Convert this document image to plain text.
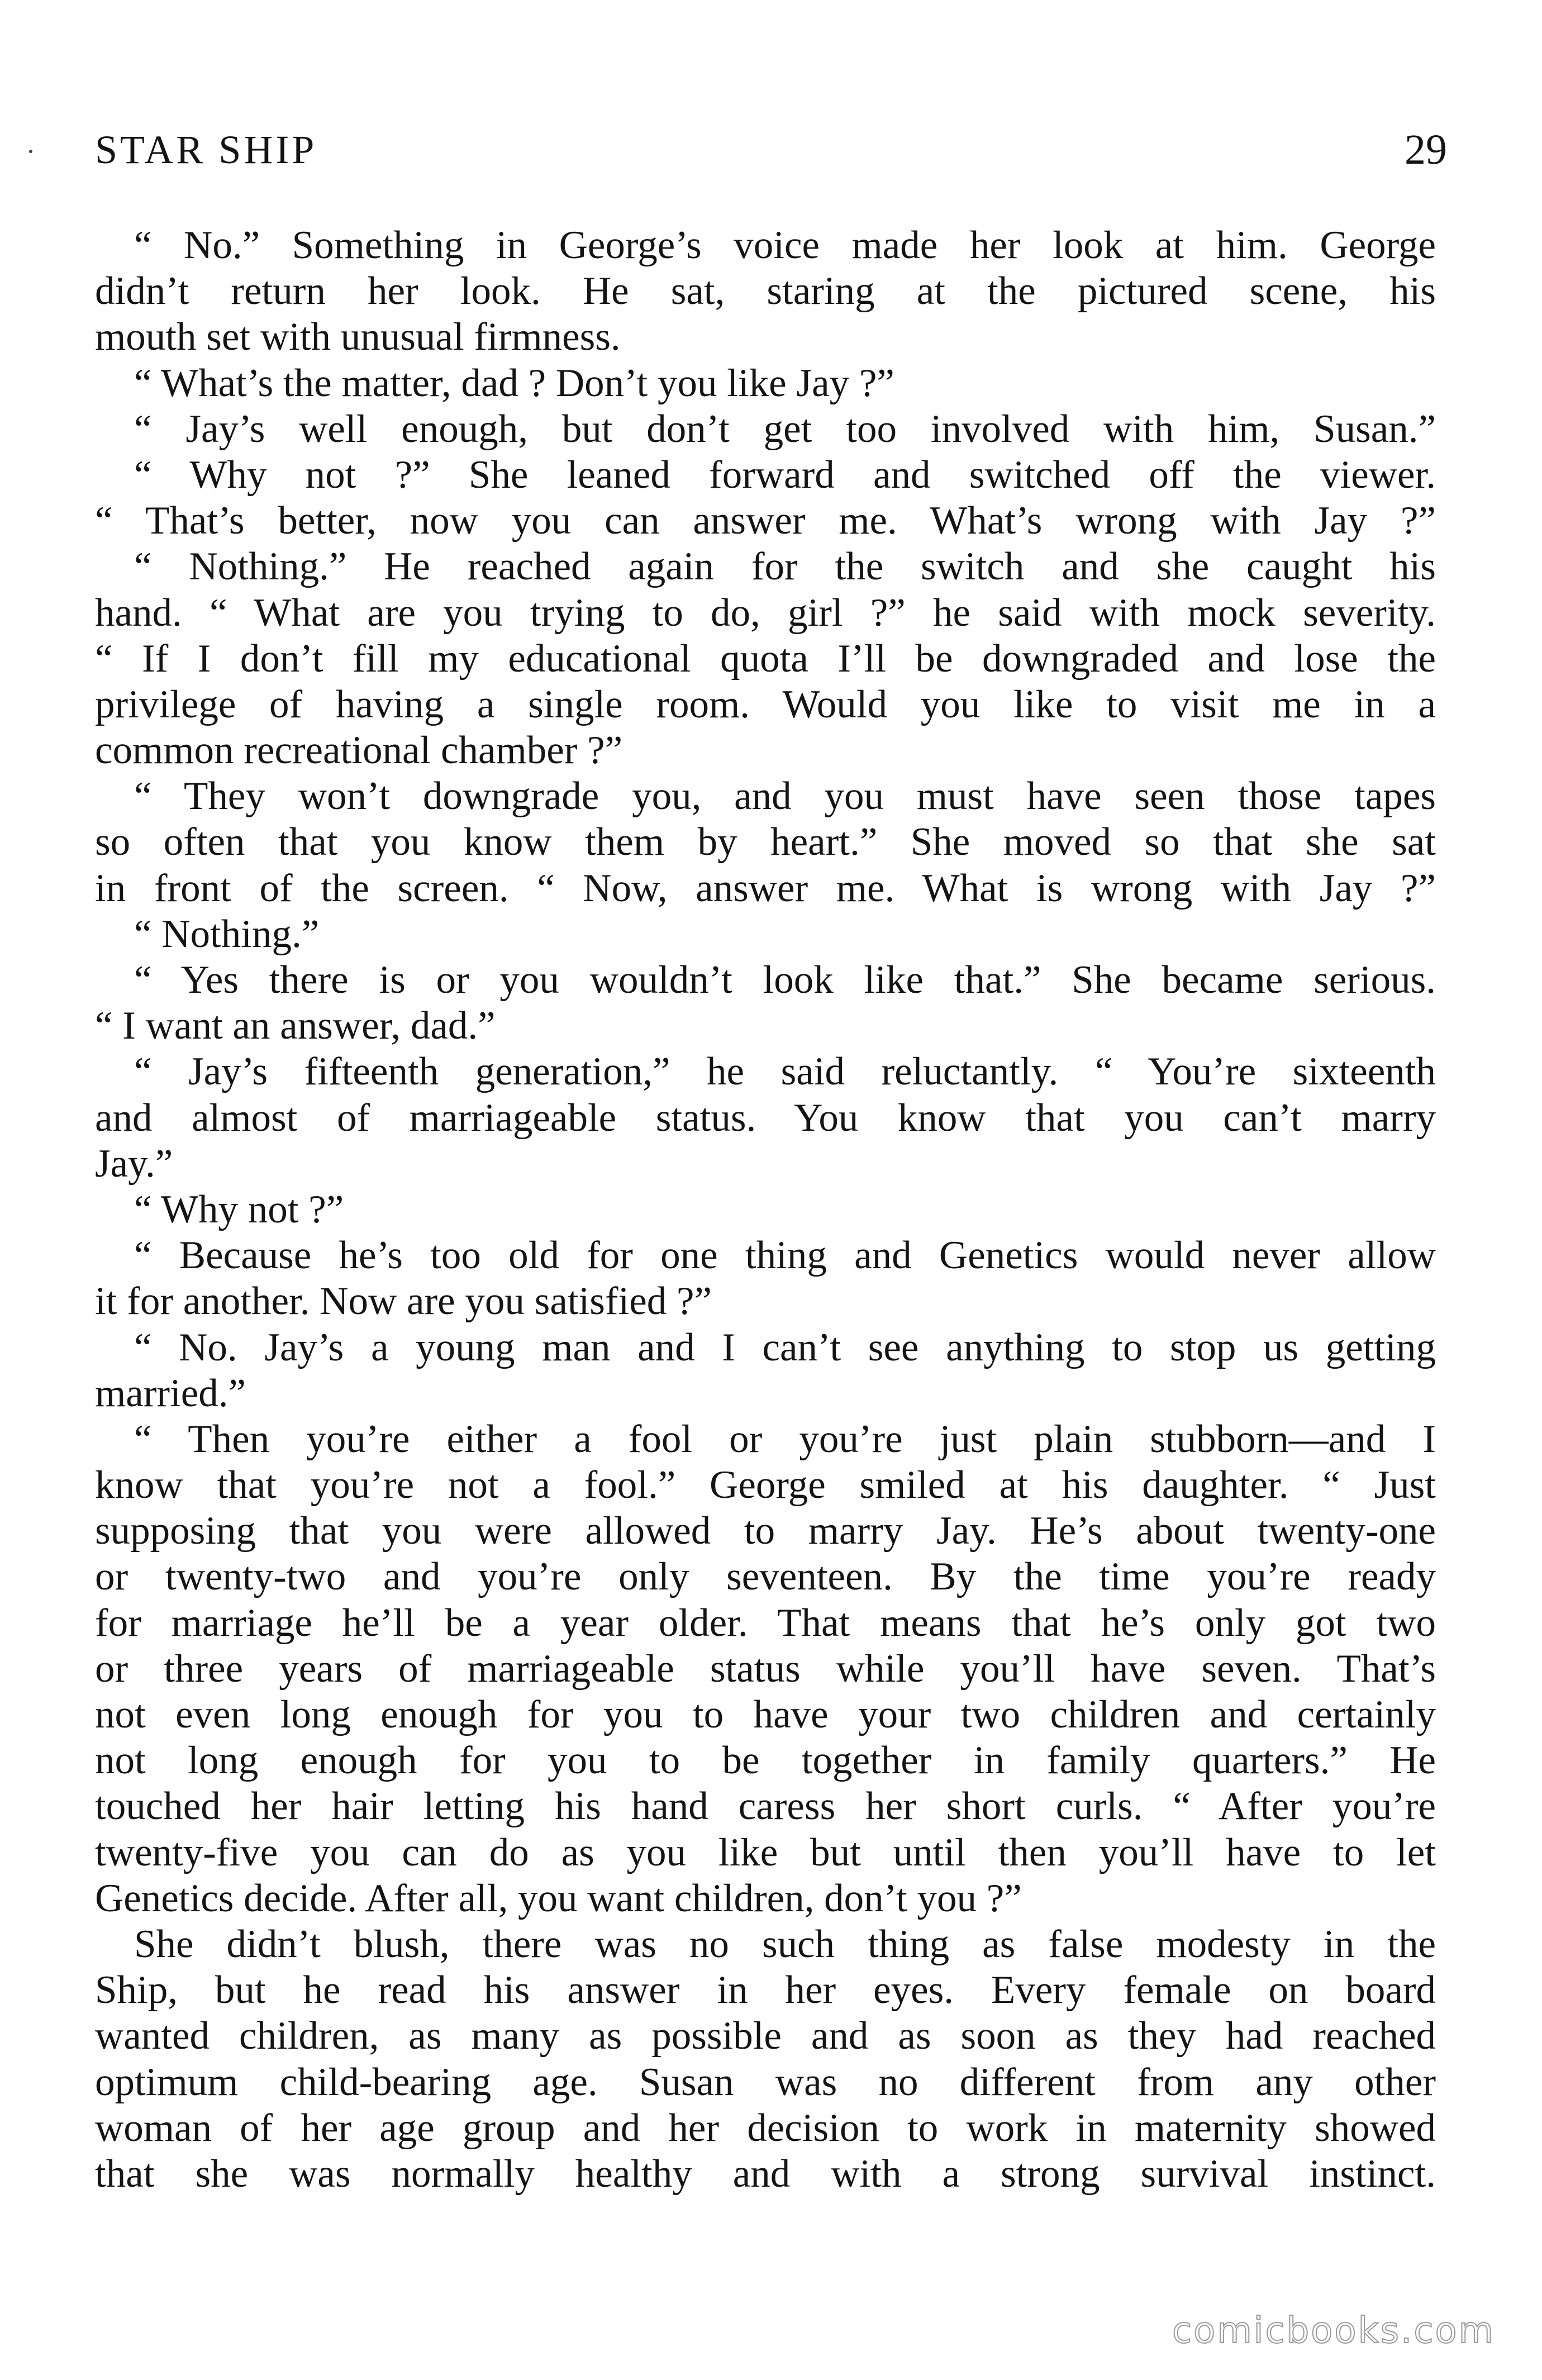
STAR SHIP	29
“ No.” Something in George’s voice made her look at him. George
didn’t return her look. He sat, staring at the pictured scene, his
mouth set with unusual firmness.
“ What’s the matter, dad ? Don’t you like Jay ?”
“ Jay’s well enough, but don’t get too involved with him, Susan.”
“ Why not ?” She leaned forward and switched off the viewer.
“ That’s better, now you can answer me. What’s wrong with Jay ?”
“ Nothing.” He reached again for the switch and she caught his
hand. “ What are you trying to do, girl ?” he said with mock severity.
“ If I don’t fill my educational quota I’ll be downgraded and lose the
privilege of having a single room. Would you like to visit me in a
common recreational chamber ?”
“ They won’t downgrade you, and you must have seen those tapes
so often that you know them by heart.” She moved so that she sat
in front of the screen. “ Now, answer me. What is wrong with Jay ?”
“ Nothing.”
“ Yes there is or you wouldn’t look like that.” She became serious.
“ I want an answer, dad.”
“ Jay’s fifteenth generation,” he said reluctantly. “ You’re sixteenth
and almost of marriageable status. You know that you can’t marry
Jay.”
“ Why not ?”
“ Because he’s too old for one thing and Genetics would never allow
it for another. Now are you satisfied ?”
“ No. Jay’s a young man and I can’t see anything to stop us getting
married.”
“ Then you’re either a fool or you’re just plain stubborn—and I
know that you’re not a fool.” George smiled at his daughter. “ Just
supposing that you were allowed to marry Jay. He’s about twenty-one
or twenty-two and you’re only seventeen. By the time you’re ready
for marriage he’ll be a year older. That means that he’s only got two
or three years of marriageable status while you’ll have seven. That’s
not even long enough for you to have your two children and certainly
not long enough for you to be together in family quarters.” He
touched her hair letting his hand caress her short curls. “ After you’re
twenty-five you can do as you like but until then you’ll have to let
Genetics decide. After all, you want children, don’t you ?”
She didn’t blush, there was no such thing as false modesty in the
Ship, but he read his answer in her eyes. Every female on board
wanted children, as many as possible and as soon as they had reached
optimum child-bearing age. Susan was no different from any other
woman of her age group and her decision to work in maternity showed
that she was normally healthy and with a strong survival instinct.
comicbooks.com
